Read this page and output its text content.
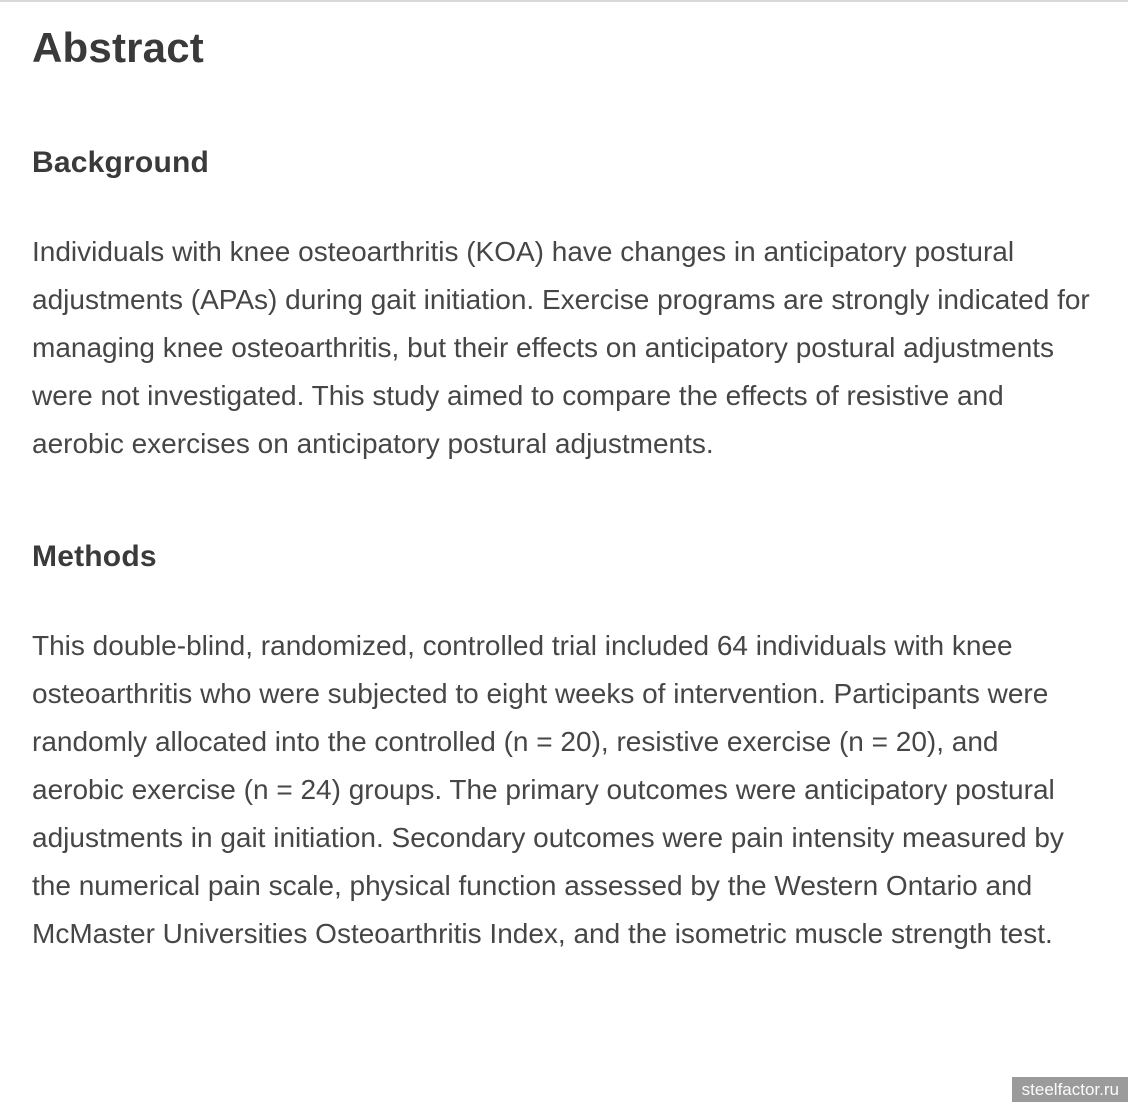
Abstract
Background

Individuals with knee osteoarthritis (KOA) have changes in anticipatory postural adjustments (APAs) during gait initiation. Exercise programs are strongly indicated for managing knee osteoarthritis, but their effects on anticipatory postural adjustments were not investigated. This study aimed to compare the effects of resistive and aerobic exercises on anticipatory postural adjustments.

Methods

This double-blind, randomized, controlled trial included 64 individuals with knee osteoarthritis who were subjected to eight weeks of intervention. Participants were randomly allocated into the controlled (n = 20), resistive exercise (n = 20), and aerobic exercise (n = 24) groups. The primary outcomes were anticipatory postural adjustments in gait initiation. Secondary outcomes were pain intensity measured by the numerical pain scale, physical function assessed by the Western Ontario and McMaster Universities Osteoarthritis Index, and the isometric muscle strength test.

steelfactor.ru
